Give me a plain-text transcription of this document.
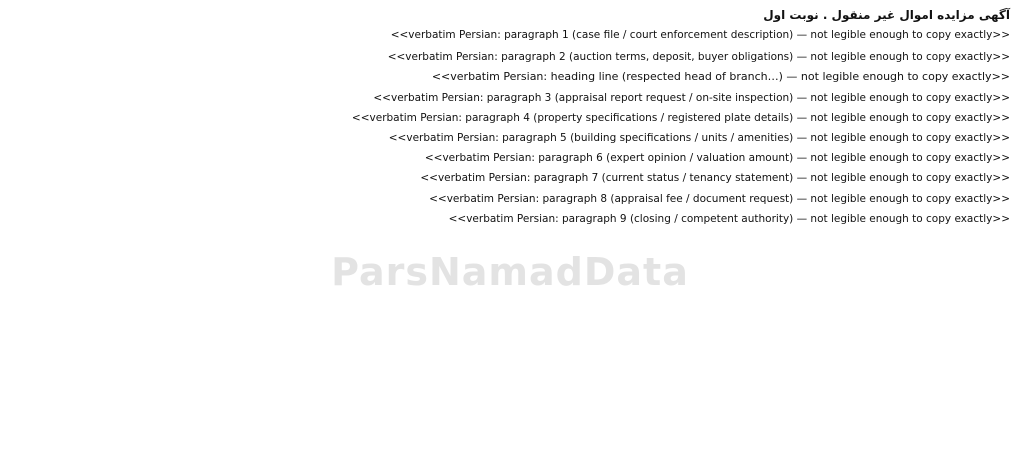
ParsNamadData
آگهی مزایده اموال غیر منقول . نوبت اول
<<verbatim Persian: paragraph 1 (case file / court enforcement description) — not legible enough to copy exactly>>
<<verbatim Persian: paragraph 2 (auction terms, deposit, buyer obligations) — not legible enough to copy exactly>>
<<verbatim Persian: heading line (respected head of branch…) — not legible enough to copy exactly>>
<<verbatim Persian: paragraph 3 (appraisal report request / on-site inspection) — not legible enough to copy exactly>>
<<verbatim Persian: paragraph 4 (property specifications / registered plate details) — not legible enough to copy exactly>>
<<verbatim Persian: paragraph 5 (building specifications / units / amenities) — not legible enough to copy exactly>>
<<verbatim Persian: paragraph 6 (expert opinion / valuation amount) — not legible enough to copy exactly>>
<<verbatim Persian: paragraph 7 (current status / tenancy statement) — not legible enough to copy exactly>>
<<verbatim Persian: paragraph 8 (appraisal fee / document request) — not legible enough to copy exactly>>
<<verbatim Persian: paragraph 9 (closing / competent authority) — not legible enough to copy exactly>>
